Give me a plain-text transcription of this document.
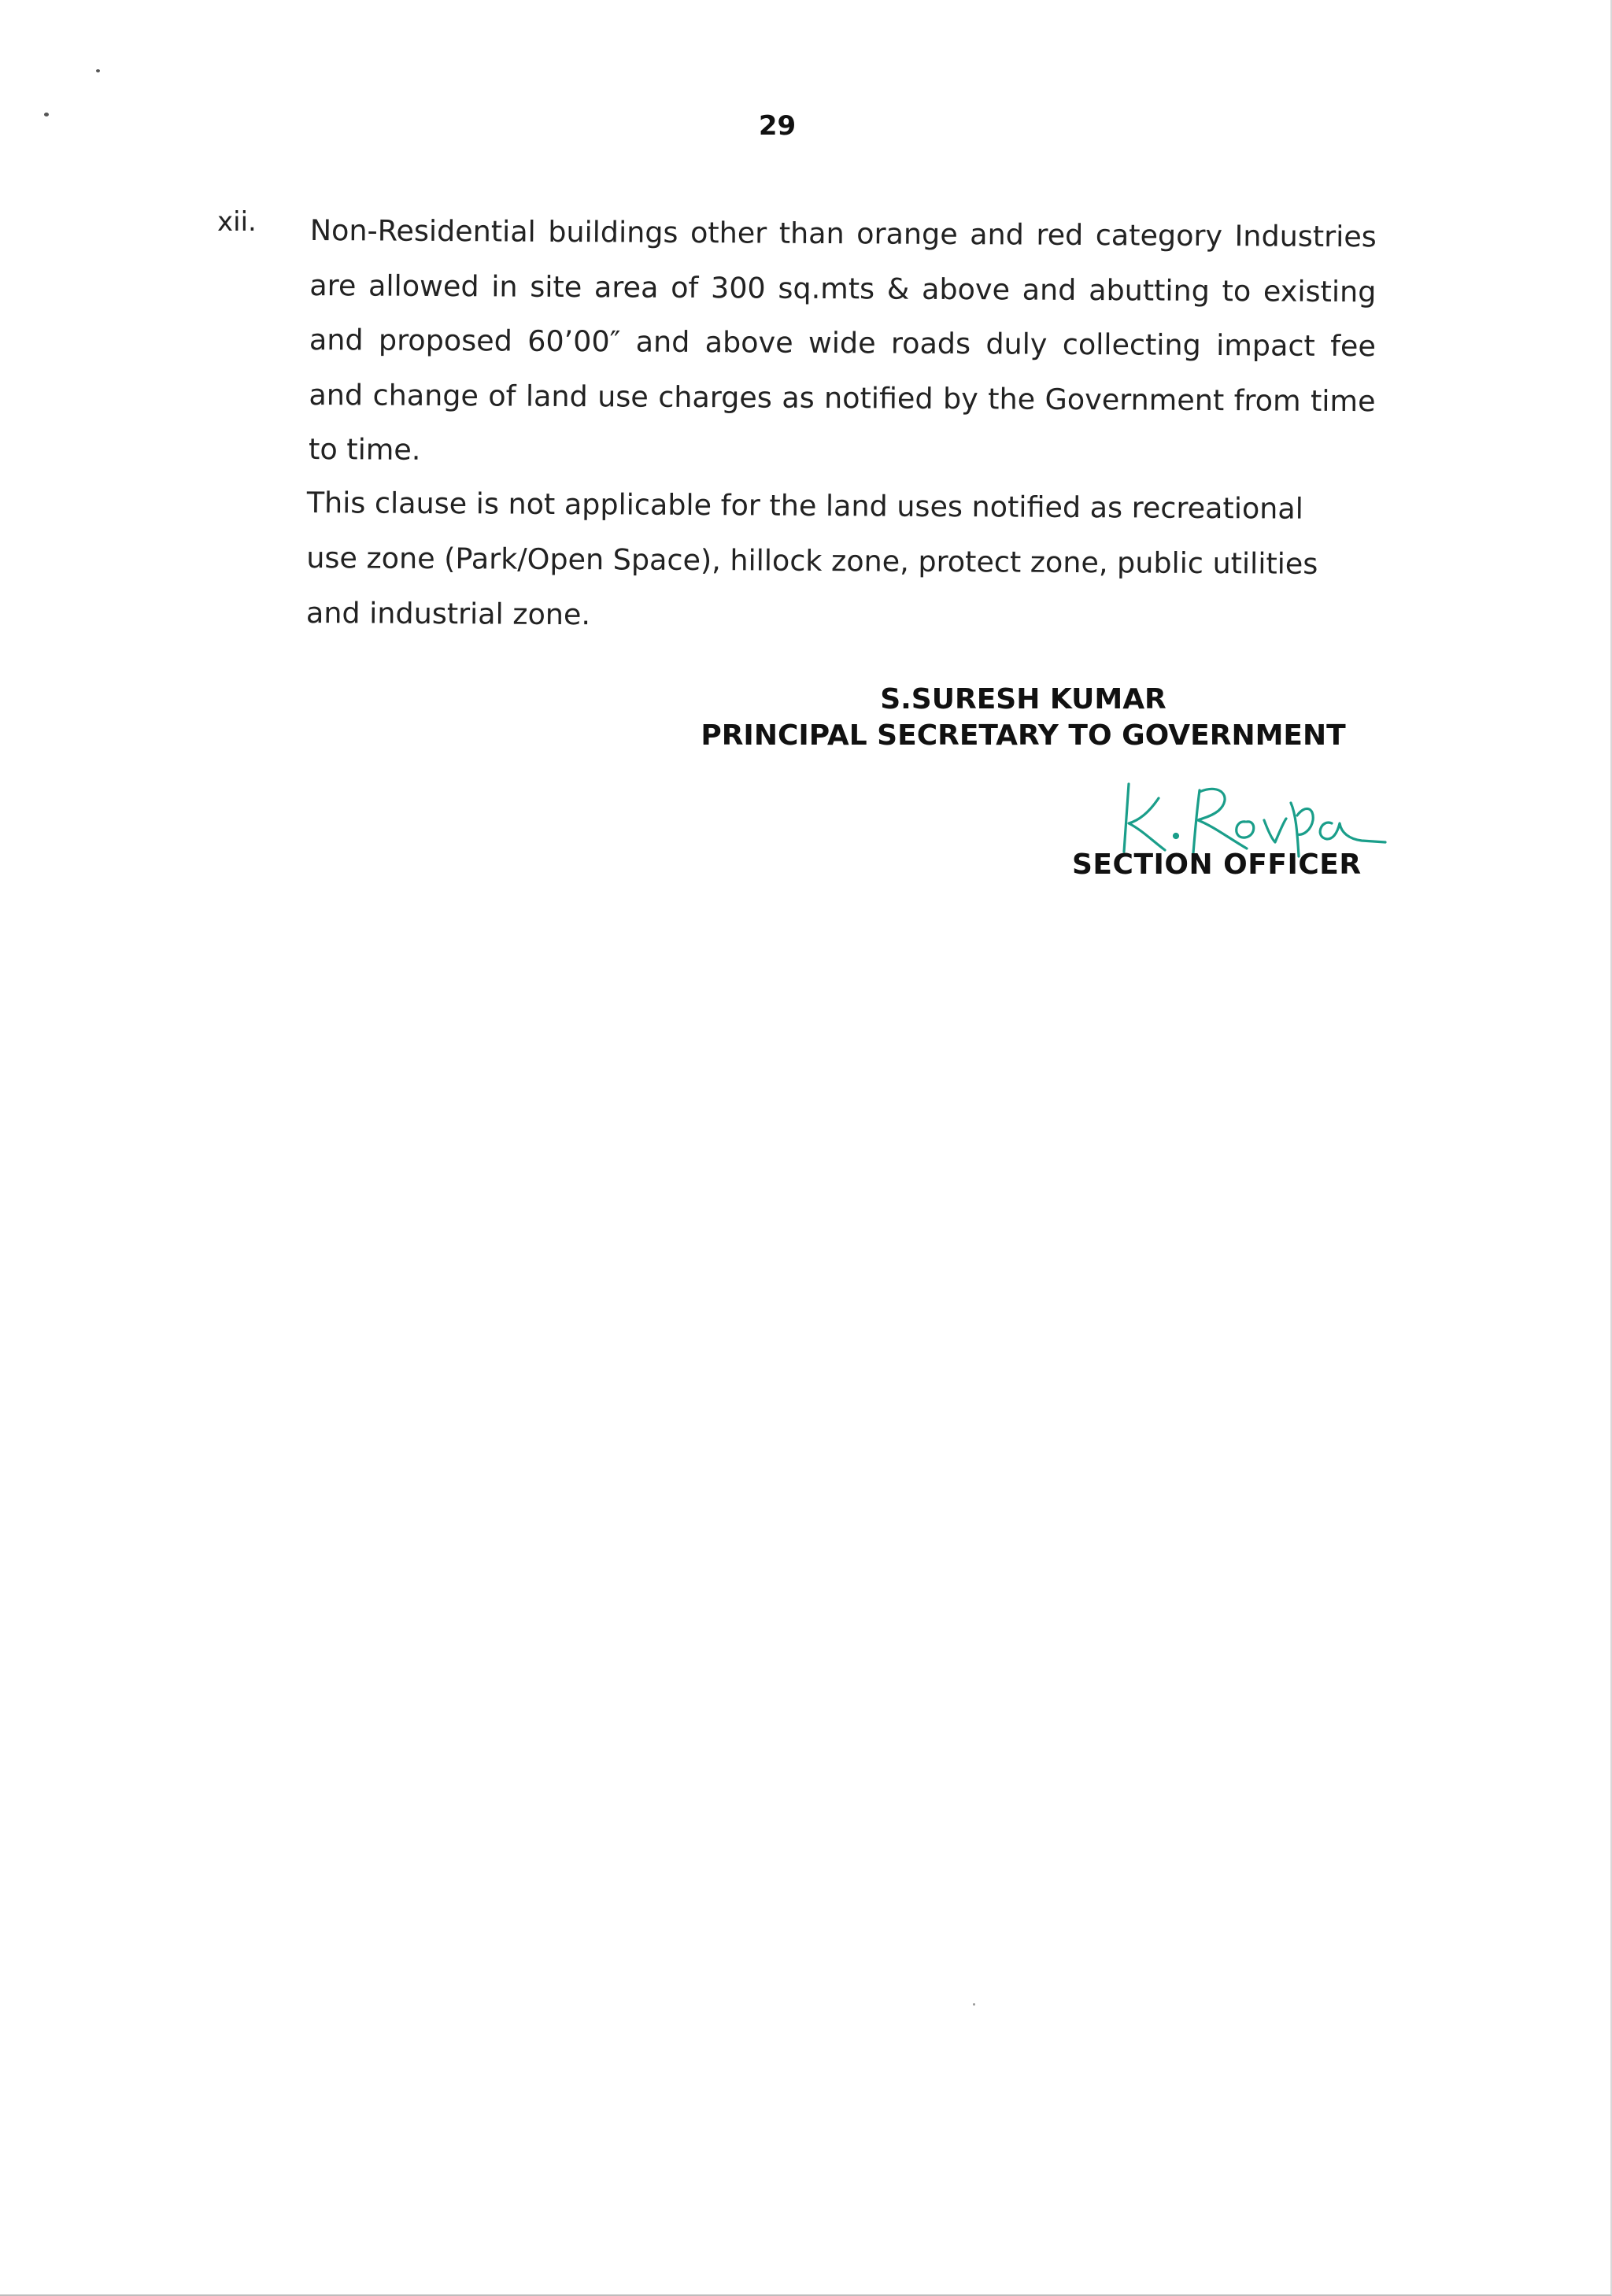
29
xii. Non-Residential buildings other than orange and red category Industries are allowed in site area of 300 sq.mts & above and abutting to existing and proposed 60’00″ and above wide roads duly collecting impact fee and change of land use charges as notified by the Government from time to time.

This clause is not applicable for the land uses notified as recreational use zone (Park/Open Space), hillock zone, protect zone, public utilities and industrial zone.

S.SURESH KUMAR
PRINCIPAL SECRETARY TO GOVERNMENT
SECTION OFFICER
